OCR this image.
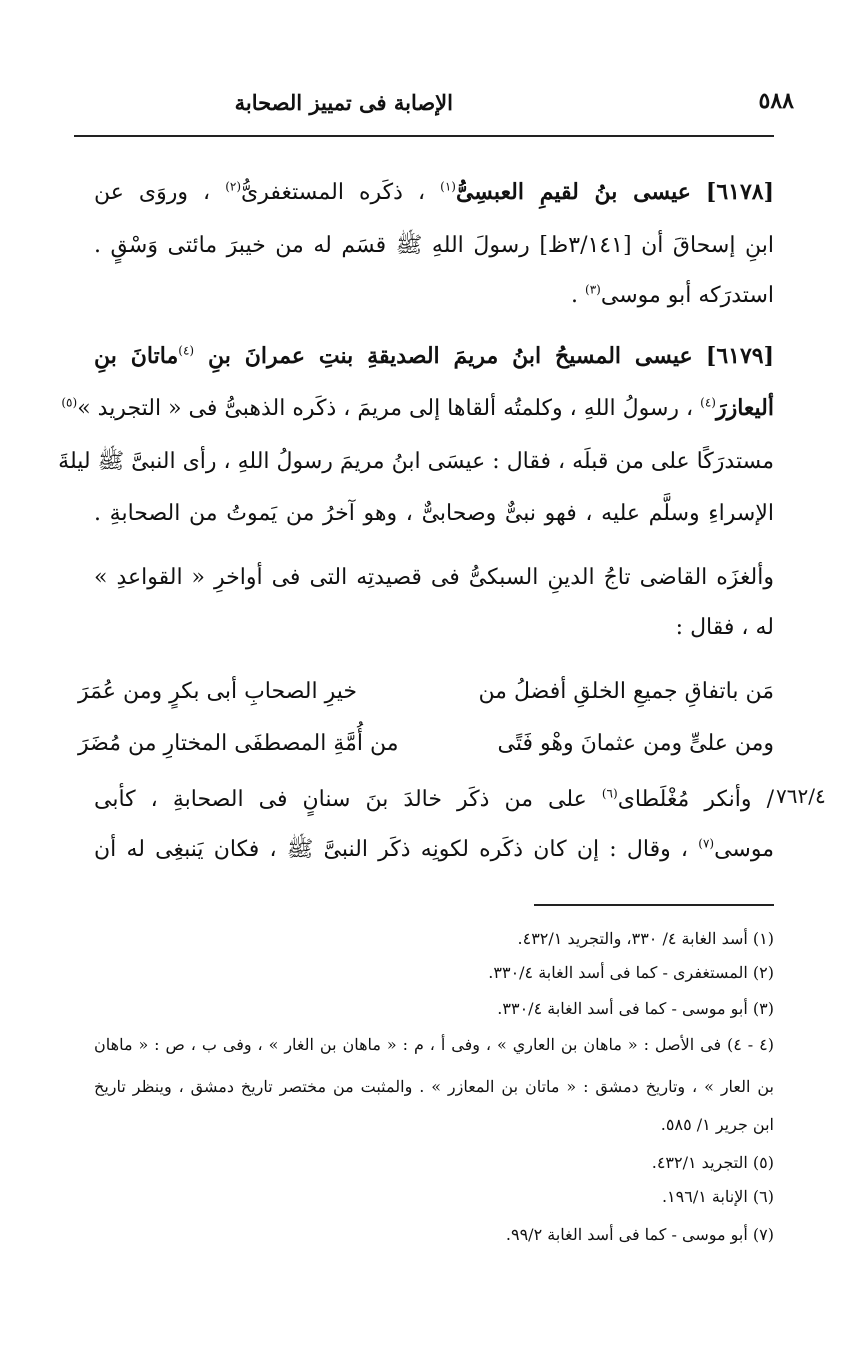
الإصابة فى تمييز الصحابة	٥٨٨
[٦١٧٨] عيسى بنُ لقيمِ العبسِىُّ$^{(١)}$ ، ذكَره المستغفرىُّ$^{(٢)}$ ، وروَى عن
ابنِ إسحاقَ أن [٣/١٤١ظ] رسولَ اللهِ ﷺ قسَم له من خيبرَ مائتى وَسْقٍ .
استدرَكه أبو موسى$^{(٣)}$ .
[٦١٧٩] عيسى المسيحُ ابنُ مريمَ الصديقةِ بنتِ عمرانَ بنِ $^{(٤)}$ماتانَ بنِ
أليعازرَ$^{(٤)}$ ، رسولُ اللهِ ، وكلمتُه ألقاها إلى مريمَ ، ذكَره الذهبىُّ فى « التجريد »$^{(٥)}$
مستدرَكًا على من قبلَه ، فقال : عيسَى ابنُ مريمَ رسولُ اللهِ ، رأى النبىَّ ﷺ ليلةَ
الإسراءِ وسلَّم عليه ، فهو نبىٌّ وصحابىٌّ ، وهو آخرُ من يَموتُ من الصحابةِ .
وألغزَه القاضى تاجُ الدينِ السبكىُّ فى قصيدتِه التى فى أواخرِ « القواعدِ »
له ، فقال :
مَن باتفاقِ جميعِ الخلقِ أفضلُ من
خيرِ الصحابِ أبى بكرٍ ومن عُمَرَ
ومن علىٍّ ومن عثمانَ وهْو فَتًى
من أُمَّةِ المصطفَى المختارِ من مُضَرَ
٧٦٢/٤
/ وأنكر مُغْلَطاى$^{(٦)}$ على من ذكَر خالدَ بنَ سنانٍ فى الصحابةِ ، كأبى
موسى$^{(٧)}$ ، وقال : إن كان ذكَره لكونِه ذكَر النبىَّ ﷺ ، فكان يَنبغِى له أن
(١) أسد الغابة ٤/ ٣٣٠، والتجريد ٤٣٢/١.
(٢) المستغفرى - كما فى أسد الغابة ٣٣٠/٤.
(٣) أبو موسى - كما فى أسد الغابة ٣٣٠/٤.
(٤ - ٤) فى الأصل : « ماهان بن العاري » ، وفى أ ، م : « ماهان بن الغار » ، وفى ب ، ص : « ماهان
بن العار » ، وتاريخ دمشق : « ماتان بن المعازر » . والمثبت من مختصر تاريخ دمشق ، وينظر تاريخ
ابن جرير ١/ ٥٨٥.
(٥) التجريد ٤٣٢/١.
(٦) الإنابة ١٩٦/١.
(٧) أبو موسى - كما فى أسد الغابة ٩٩/٢.
